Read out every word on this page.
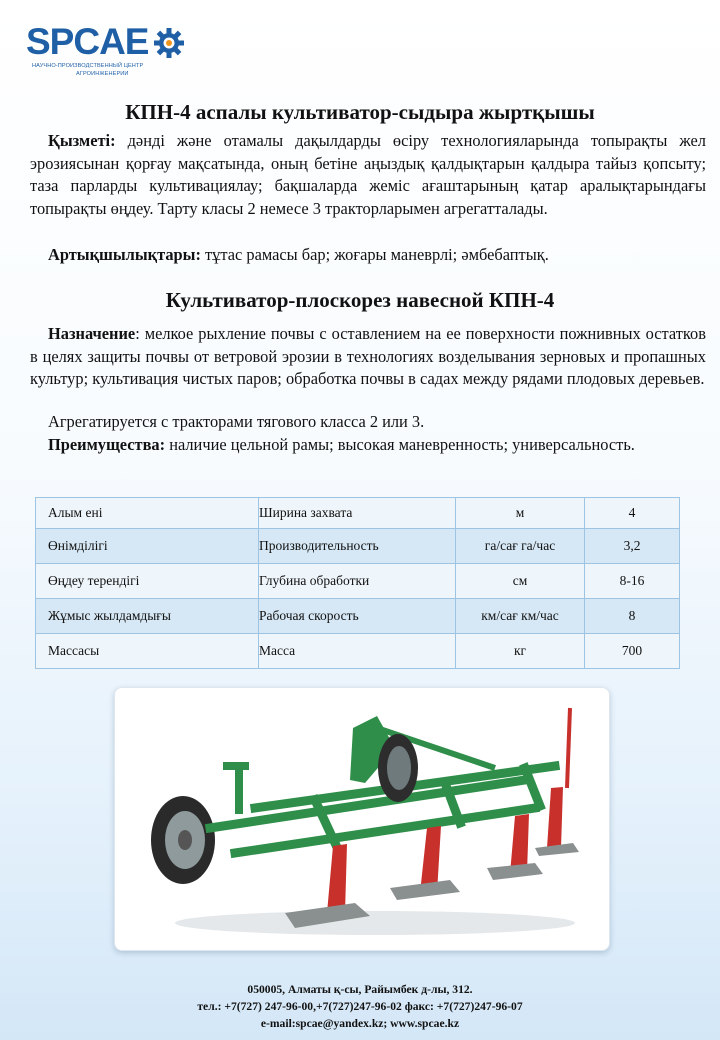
SPCAE
НАУЧНО-ПРОИЗВОДСТВЕННЫЙ ЦЕНТР
АГРОИНЖЕНЕРИИ
КПН-4 аспалы культиватор-сыдыра жыртқышы

Қызметі: дәнді және отамалы дақылдарды өсіру технологияларында топырақты жел эрозиясынан қорғау мақсатында, оның бетіне аңыздық қалдықтарын қалдыра тайыз қопсыту; таза парларды культивациялау; бақшаларда жеміс ағаштарының қатар аралықтарындағы топырақты өңдеу. Тарту класы 2 немесе 3 тракторларымен агрегатталады.

Артықшылықтары: тұтас рамасы бар; жоғары маневрлі; әмбебаптық.

Культиватор-плоскорез навесной КПН-4

Назначение: мелкое рыхление почвы с оставлением на ее поверхности пожнивных остатков в целях защиты почвы от ветровой эрозии в технологиях возделывания зерновых и пропашных культур; культивация чистых паров; обработка почвы в садах между рядами плодовых деревьев.

Агрегатируется с тракторами тягового класса 2 или 3.

Преимущества: наличие цельной рамы; высокая маневренность; универсальность.

Алым ені	Ширина захвата	м	4
Өнімділігі	Производительность	га/сағ га/час	3,2
Өңдеу терендігі	Глубина обработки	см	8-16
Жұмыс жылдамдығы	Рабочая скорость	км/сағ км/час	8
Массасы	Масса	кг	700

050005, Алматы қ-сы, Райымбек д-лы, 312.

тел.: +7(727) 247-96-00,+7(727)247-96-02 факс: +7(727)247-96-07

e-mail:spcae@yandex.kz; www.spcae.kz
